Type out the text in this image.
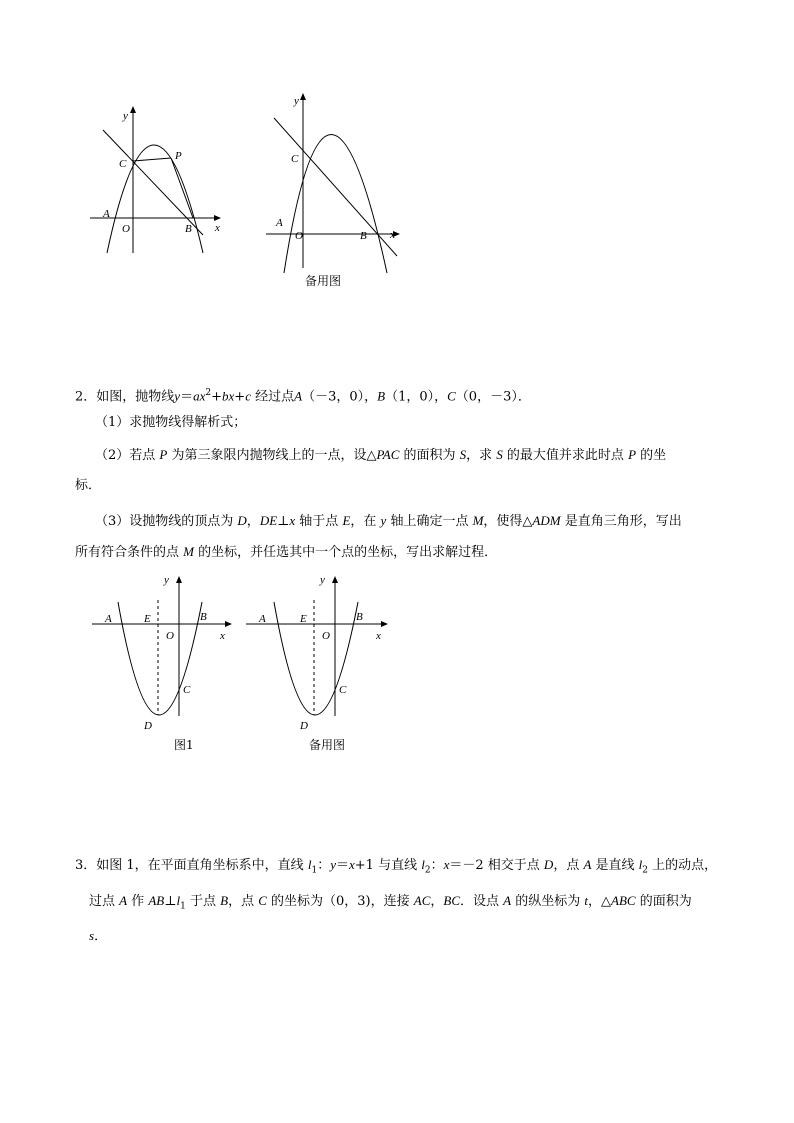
y
x
C
P
A
O	B
y
x
C
A
O	B
备用图
2．如图，抛物线$y=ax^2+bx+c$ 经过点A（－3，0），B（1，0），C（0，－3）．
（1）求抛物线得解析式；
（2）若点 P 为第三象限内抛物线上的一点，设△PAC 的面积为 S，求 S 的最大值并求此时点 P 的坐
标．
（3）设抛物线的顶点为 D，DE⊥x 轴于点 E，在 y 轴上确定一点 M，使得△ADM 是直角三角形，写出
所有符合条件的点 M 的坐标，并任选其中一个点的坐标，写出求解过程．
y
x
A	E
O
B
C
D
图1
y
x
A	E
O
B
C
D
备用图
3．如图 1，在平面直角坐标系中，直线 $l_1$：y＝x+1 与直线 $l_2$：x＝－2 相交于点 D，点 A 是直线 $l_2$ 上的动点，
过点 A 作 $AB\perp l_1$ 于点 B，点 C 的坐标为（0，3)，连接 AC，BC．设点 A 的纵坐标为 t，△ABC 的面积为
s．
